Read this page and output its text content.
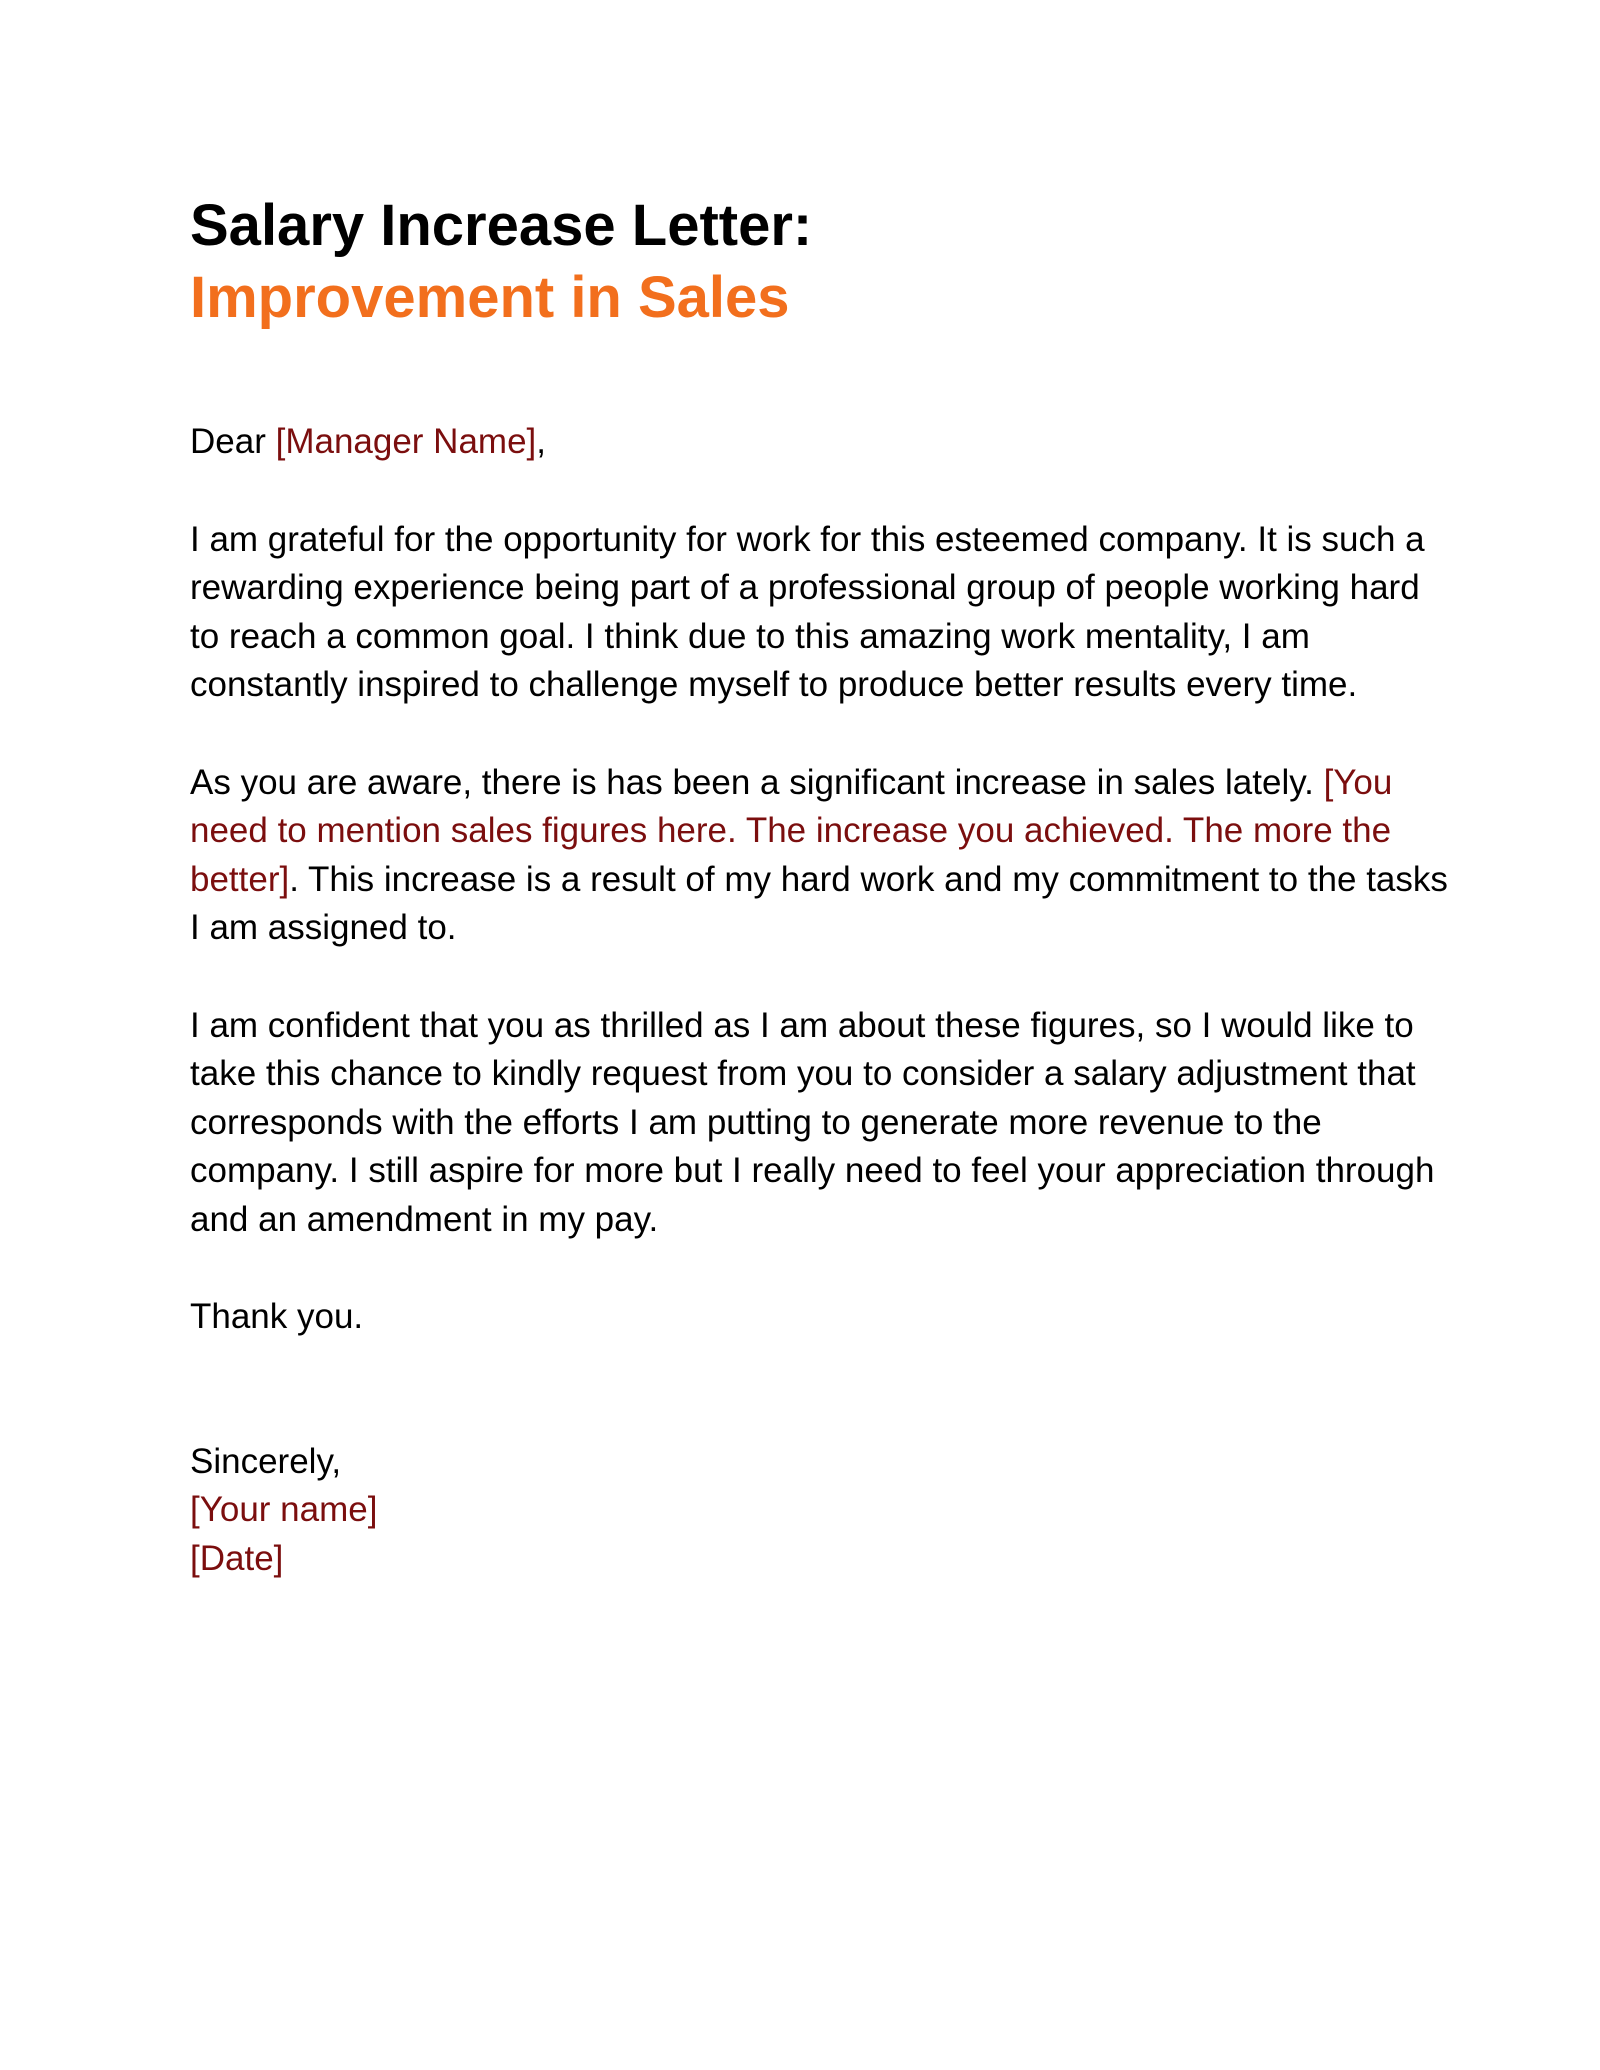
Salary Increase Letter:
Improvement in Sales

Dear [Manager Name],

I am grateful for the opportunity for work for this esteemed company. It is such a rewarding experience being part of a professional group of people working hard to reach a common goal. I think due to this amazing work mentality, I am constantly inspired to challenge myself to produce better results every time.

As you are aware, there is has been a significant increase in sales lately. [You need to mention sales figures here. The increase you achieved. The more the better]. This increase is a result of my hard work and my commitment to the tasks I am assigned to.

I am confident that you as thrilled as I am about these figures, so I would like to take this chance to kindly request from you to consider a salary adjustment that corresponds with the efforts I am putting to generate more revenue to the company. I still aspire for more but I really need to feel your appreciation through and an amendment in my pay.

Thank you.

Sincerely,
[Your name]
[Date]
